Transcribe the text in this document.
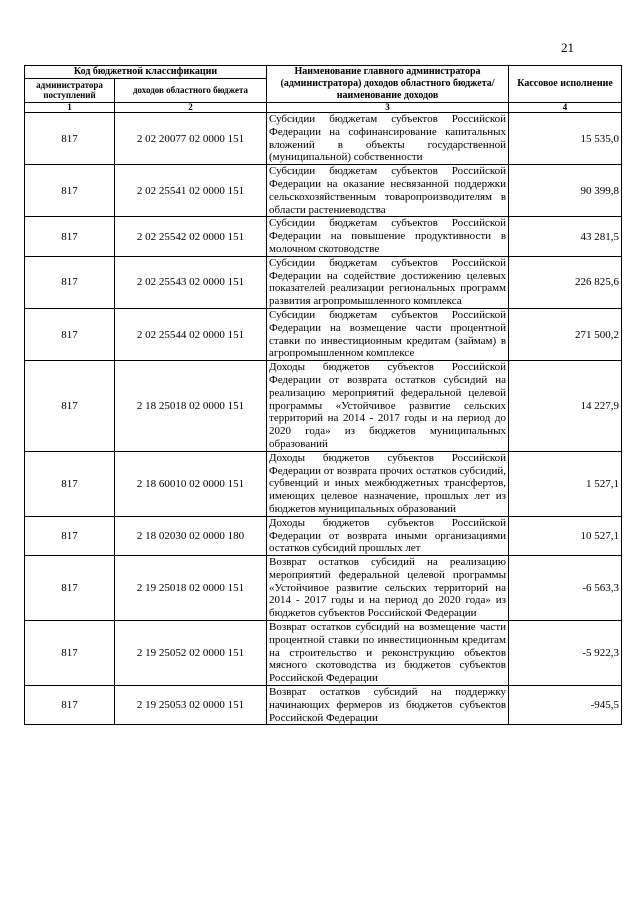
21
Код бюджетной классификации		Наименование главного администратора (администратора) доходов областного бюджета/ наименование доходов	Кассовое исполнение
администратора поступлений	доходов областного бюджета		
1	2	3	4
817	2 02 20077 02 0000 151	Субсидии бюджетам субъектов Российской Федерации на софинансирование капитальных вложений в объекты государственной (муниципальной) собственности	15 535,0
817	2 02 25541 02 0000 151	Субсидии бюджетам субъектов Российской Федерации на оказание несвязанной поддержки сельскохозяйственным товаропроизводителям в области растениеводства	90 399,8
817	2 02 25542 02 0000 151	Субсидии бюджетам субъектов Российской Федерации на повышение продуктивности в молочном скотоводстве	43 281,5
817	2 02 25543 02 0000 151	Субсидии бюджетам субъектов Российской Федерации на содействие достижению целевых показателей реализации региональных программ развития агропромышленного комплекса	226 825,6
817	2 02 25544 02 0000 151	Субсидии бюджетам субъектов Российской Федерации на возмещение части процентной ставки по инвестиционным кредитам (займам) в агропромышленном комплексе	271 500,2
817	2 18 25018 02 0000 151	Доходы бюджетов субъектов Российской Федерации от возврата остатков субсидий на реализацию мероприятий федеральной целевой программы «Устойчивое развитие сельских территорий на 2014 - 2017 годы и на период до 2020 года» из бюджетов муниципальных образований	14 227,9
817	2 18 60010 02 0000 151	Доходы бюджетов субъектов Российской Федерации от возврата прочих остатков субсидий, субвенций и иных межбюджетных трансфертов, имеющих целевое назначение, прошлых лет из бюджетов муниципальных образований	1 527,1
817	2 18 02030 02 0000 180	Доходы бюджетов субъектов Российской Федерации от возврата иными организациями остатков субсидий прошлых лет	10 527,1
817	2 19 25018 02 0000 151	Возврат остатков субсидий на реализацию мероприятий федеральной целевой программы «Устойчивое развитие сельских территорий на 2014 - 2017 годы и на период до 2020 года» из бюджетов субъектов Российской Федерации	-6 563,3
817	2 19 25052 02 0000 151	Возврат остатков субсидий на возмещение части процентной ставки по инвестиционным кредитам на строительство и реконструкцию объектов мясного скотоводства из бюджетов субъектов Российской Федерации	-5 922,3
817	2 19 25053 02 0000 151	Возврат остатков субсидий на поддержку начинающих фермеров из бюджетов субъектов Российской Федерации	-945,5
